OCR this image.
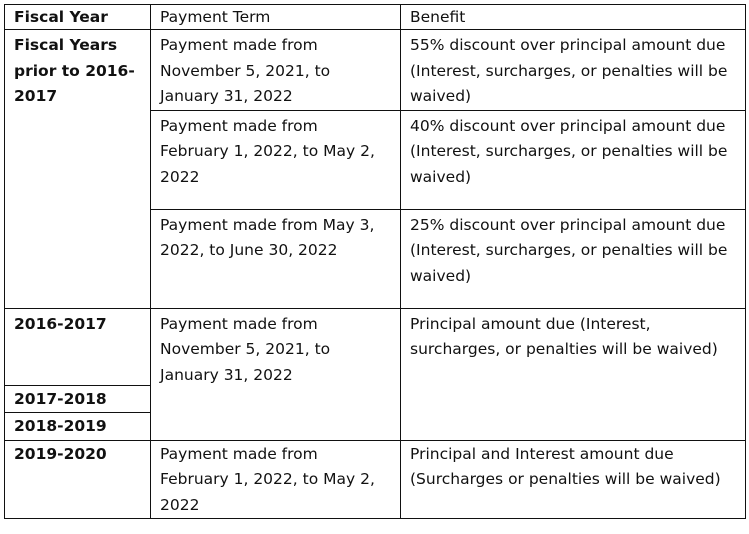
Fiscal Year	Payment Term	Benefit
Fiscal Years prior to 2016-2017	Payment made from November 5, 2021, to January 31, 2022	55% discount over principal amount due (Interest, surcharges, or penalties will be waived)
	Payment made from February 1, 2022, to May 2, 2022	40% discount over principal amount due (Interest, surcharges, or penalties will be waived)
	Payment made from May 3, 2022, to June 30, 2022	25% discount over principal amount due (Interest, surcharges, or penalties will be waived)
2016-2017	Payment made from November 5, 2021, to January 31, 2022	Principal amount due (Interest, surcharges, or penalties will be waived)
2017-2018		
2018-2019		
2019-2020	Payment made from February 1, 2022, to May 2, 2022	Principal and Interest amount due (Surcharges or penalties will be waived)
